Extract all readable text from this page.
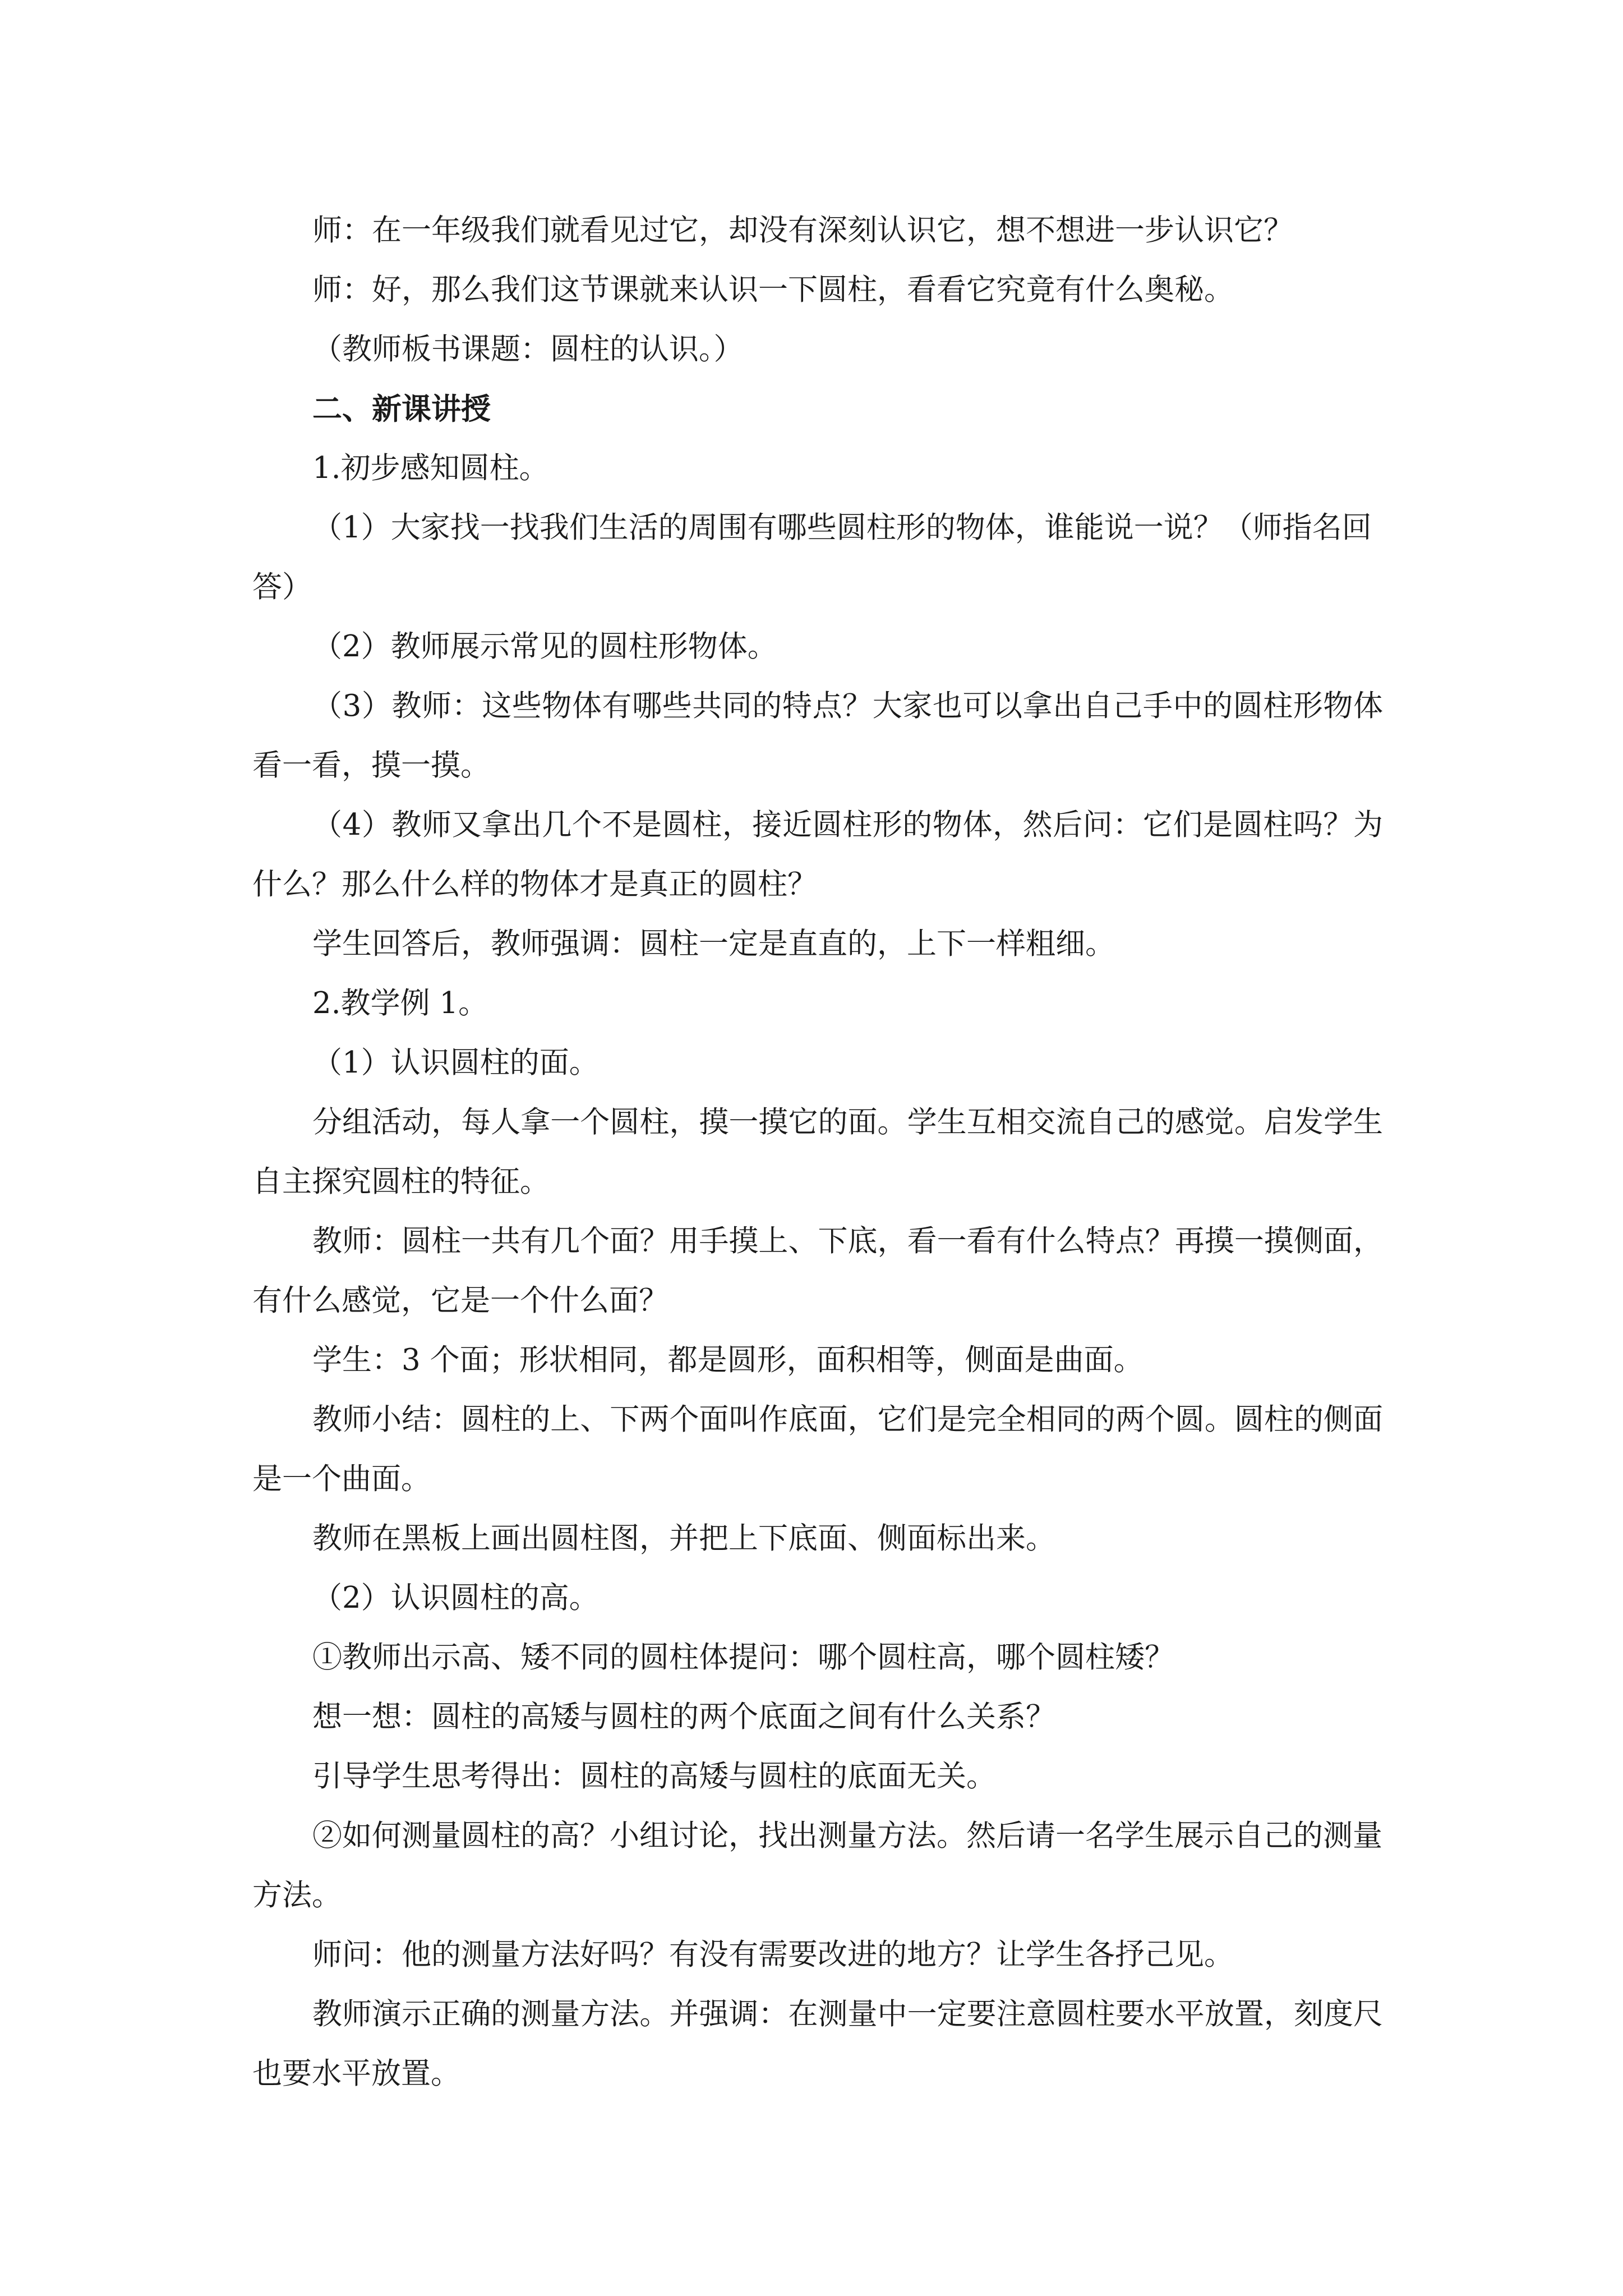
师：在一年级我们就看见过它，却没有深刻认识它，想不想进一步认识它？

师：好，那么我们这节课就来认识一下圆柱，看看它究竟有什么奥秘。

（教师板书课题：圆柱的认识。）

二、新课讲授

1.初步感知圆柱。

（1）大家找一找我们生活的周围有哪些圆柱形的物体，谁能说一说？（师指名回答）

（2）教师展示常见的圆柱形物体。

（3）教师：这些物体有哪些共同的特点？大家也可以拿出自己手中的圆柱形物体看一看，摸一摸。

（4）教师又拿出几个不是圆柱，接近圆柱形的物体，然后问：它们是圆柱吗？为什么？那么什么样的物体才是真正的圆柱？

学生回答后，教师强调：圆柱一定是直直的，上下一样粗细。

2.教学例 1。

（1）认识圆柱的面。

分组活动，每人拿一个圆柱，摸一摸它的面。学生互相交流自己的感觉。启发学生自主探究圆柱的特征。

教师：圆柱一共有几个面？用手摸上、下底，看一看有什么特点？再摸一摸侧面，有什么感觉，它是一个什么面？

学生：3 个面；形状相同，都是圆形，面积相等，侧面是曲面。

教师小结：圆柱的上、下两个面叫作底面，它们是完全相同的两个圆。圆柱的侧面是一个曲面。

教师在黑板上画出圆柱图，并把上下底面、侧面标出来。

（2）认识圆柱的高。

①教师出示高、矮不同的圆柱体提问：哪个圆柱高，哪个圆柱矮？

想一想：圆柱的高矮与圆柱的两个底面之间有什么关系？

引导学生思考得出：圆柱的高矮与圆柱的底面无关。

②如何测量圆柱的高？小组讨论，找出测量方法。然后请一名学生展示自己的测量方法。

师问：他的测量方法好吗？有没有需要改进的地方？让学生各抒己见。

教师演示正确的测量方法。并强调：在测量中一定要注意圆柱要水平放置，刻度尺也要水平放置。
